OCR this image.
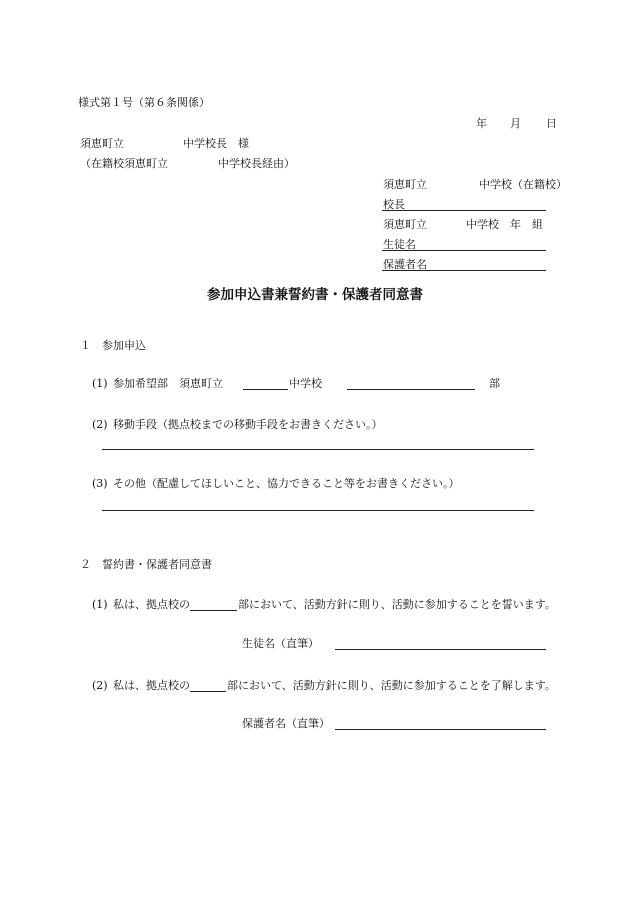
様式第１号（第６条関係）
年 月 日
須恵町立	中学校長　様
（在籍校須恵町立	中学校長経由）
須恵町立	中学校（在籍校）
校長
須恵町立	中学校　年　組
生徒名
保護者名
参加申込書兼誓約書・保護者同意書
１　参加申込
(1) 参加希望部　須恵町立	中学校	部
(2) 移動手段（拠点校までの移動手段をお書きください。）
(3) その他（配慮してほしいこと、協力できること等をお書きください。）
２　誓約書・保護者同意書
(1) 私は、拠点校の	部において、活動方針に則り、活動に参加することを誓います。
生徒名（直筆）
(2) 私は、拠点校の	部において、活動方針に則り、活動に参加することを了解します。
保護者名（直筆）
